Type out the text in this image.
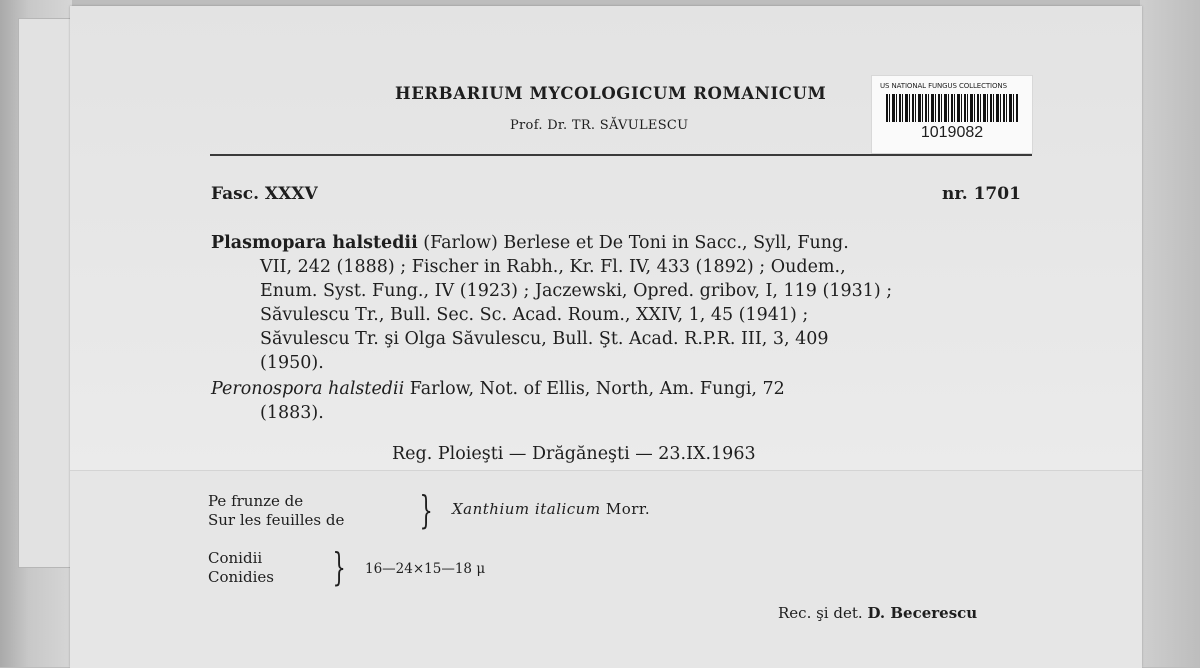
HERBARIUM MYCOLOGICUM ROMANICUM
Prof. Dr. TR. SĂVULESCU
US NATIONAL FUNGUS COLLECTIONS
1019082
Fasc. XXXV	nr. 1701
Plasmopara halstedii (Farlow) Berlese et De Toni in Sacc., Syll, Fung.
VII, 242 (1888) ; Fischer in Rabh., Kr. Fl. IV, 433 (1892) ; Oudem.,
Enum. Syst. Fung., IV (1923) ; Jaczewski, Opred. gribov, I, 119 (1931) ;
Săvulescu Tr., Bull. Sec. Sc. Acad. Roum., XXIV, 1, 45 (1941) ;
Săvulescu Tr. şi Olga Săvulescu, Bull. Şt. Acad. R.P.R. III, 3, 409
(1950).
Peronospora halstedii Farlow, Not. of Ellis, North, Am. Fungi, 72
(1883).
Reg. Ploieşti — Drăgăneşti — 23.IX.1963
Pe frunze de
Sur les feuilles de } Xanthium italicum Morr.
Conidii
Conidies } 16—24×15—18 μ
Rec. şi det. D. Becerescu
